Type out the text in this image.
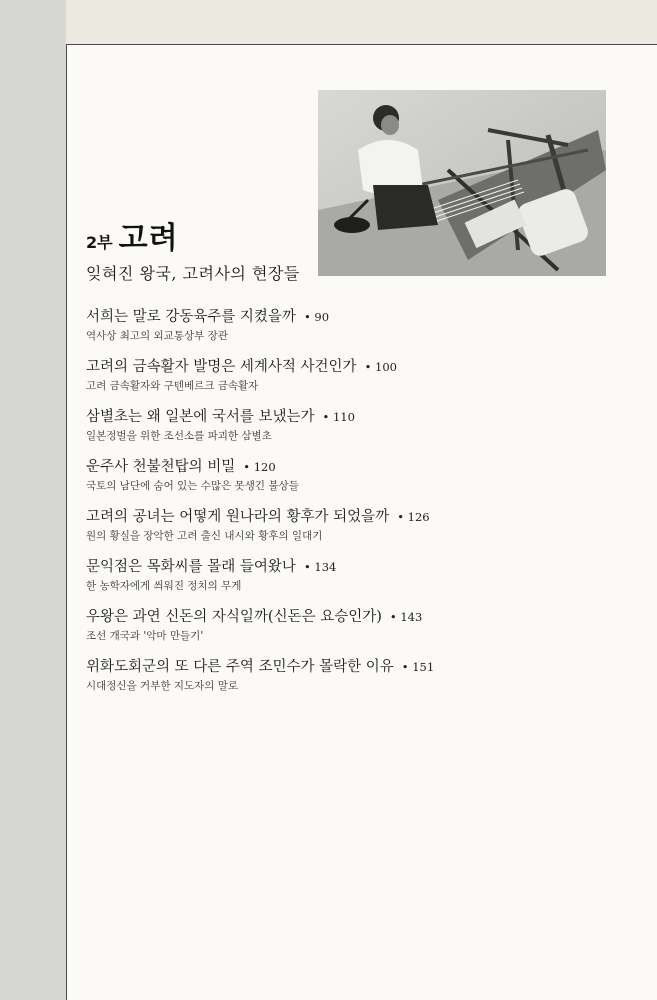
2부 고려
잊혀진 왕국, 고려사의 현장들
서희는 말로 강동육주를 지켰을까 • 90
역사상 최고의 외교통상부 장관
고려의 금속활자 발명은 세계사적 사건인가 • 100
고려 금속활자와 구텐베르크 금속활자
삼별초는 왜 일본에 국서를 보냈는가 • 110
일본정벌을 위한 조선소를 파괴한 삼별초
운주사 천불천탑의 비밀 • 120
국토의 남단에 숨어 있는 수많은 못생긴 불상들
고려의 공녀는 어떻게 원나라의 황후가 되었을까 • 126
원의 황실을 장악한 고려 출신 내시와 황후의 일대기
문익점은 목화씨를 몰래 들여왔나 • 134
한 농학자에게 씌워진 정치의 무게
우왕은 과연 신돈의 자식일까(신돈은 요승인가) • 143
조선 개국과 '악마 만들기'
위화도회군의 또 다른 주역 조민수가 몰락한 이유 • 151
시대정신을 거부한 지도자의 말로
